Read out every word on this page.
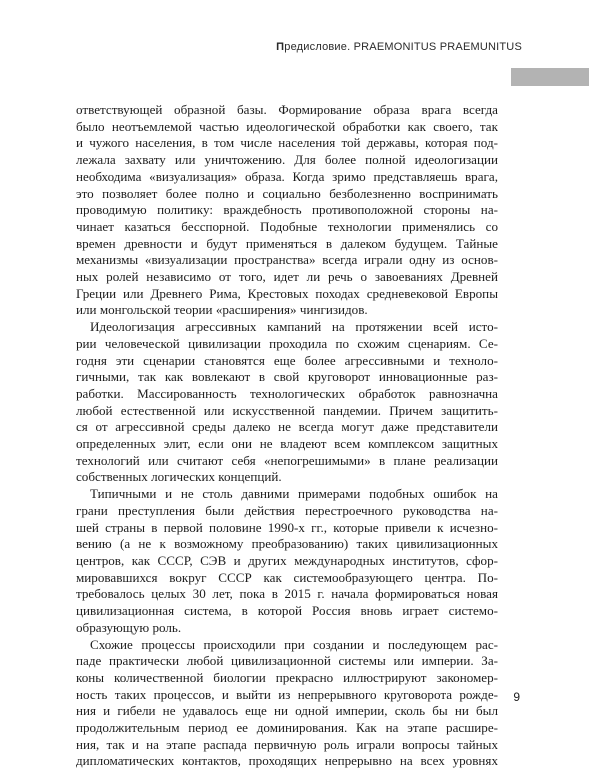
Предисловие. PRAEMONITUS PRAEMUNITUS
ответствующей образной базы. Формирование образа врага всегда
было неотъемлемой частью идеологической обработки как своего, так
и чужого населения, в том числе населения той державы, которая под-
лежала захвату или уничтожению. Для более полной идеологизации
необходима «визуализация» образа. Когда зримо представляешь врага,
это позволяет более полно и социально безболезненно воспринимать
проводимую политику: враждебность противоположной стороны на-
чинает казаться бесспорной. Подобные технологии применялись со
времен древности и будут применяться в далеком будущем. Тайные
механизмы «визуализации пространства» всегда играли одну из основ-
ных ролей независимо от того, идет ли речь о завоеваниях Древней
Греции или Древнего Рима, Крестовых походах средневековой Европы
или монгольской теории «расширения» чингизидов.
Идеологизация агрессивных кампаний на протяжении всей исто-
рии человеческой цивилизации проходила по схожим сценариям. Се-
годня эти сценарии становятся еще более агрессивными и техноло-
гичными, так как вовлекают в свой круговорот инновационные раз-
работки. Массированность технологических обработок равнозначна
любой естественной или искусственной пандемии. Причем защитить-
ся от агрессивной среды далеко не всегда могут даже представители
определенных элит, если они не владеют всем комплексом защитных
технологий или считают себя «непогрешимыми» в плане реализации
собственных логических концепций.
Типичными и не столь давними примерами подобных ошибок на
грани преступления были действия перестроечного руководства на-
шей страны в первой половине 1990-х гг., которые привели к исчезно-
вению (а не к возможному преобразованию) таких цивилизационных
центров, как СССР, СЭВ и других международных институтов, сфор-
мировавшихся вокруг СССР как системообразующего центра. По-
требовалось целых 30 лет, пока в 2015 г. начала формироваться новая
цивилизационная система, в которой Россия вновь играет системо-
образующую роль.
Схожие процессы происходили при создании и последующем рас-
паде практически любой цивилизационной системы или империи. За-
коны количественной биологии прекрасно иллюстрируют закономер-
ность таких процессов, и выйти из непрерывного круговорота рожде-
ния и гибели не удавалось еще ни одной империи, сколь бы ни был
продолжительным период ее доминирования. Как на этапе расшире-
ния, так и на этапе распада первичную роль играли вопросы тайных
дипломатических контактов, проходящих непрерывно на всех уровнях
9
